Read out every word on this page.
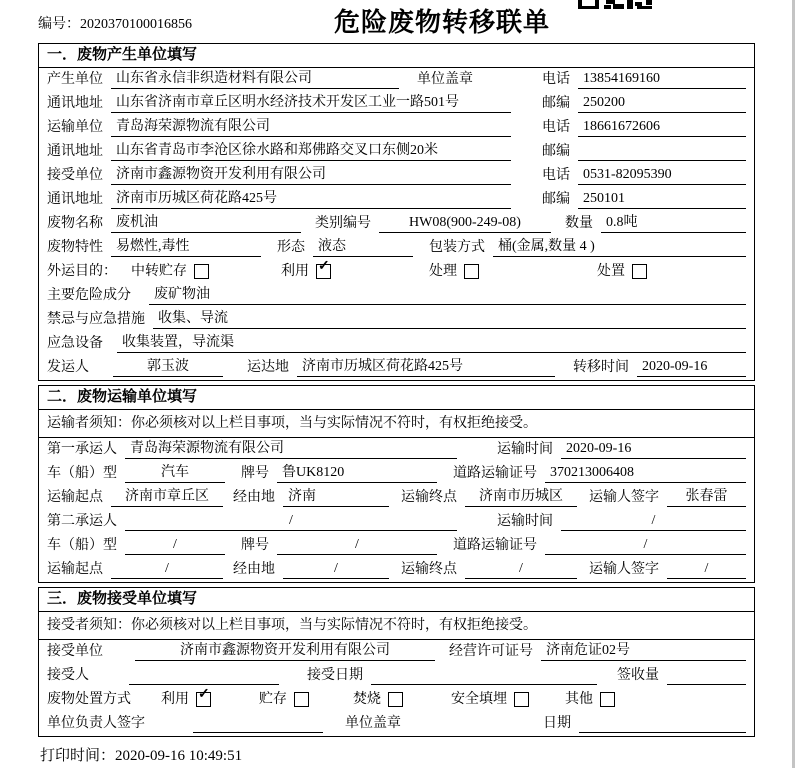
编号：2020370100016856	危险废物转移联单
一．废物产生单位填写
产生单位 山东省永信非织造材料有限公司	单位盖章	电话 13854169160
通讯地址 山东省济南市章丘区明水经济技术开发区工业一路501号	邮编 250200
运输单位 青岛海荣源物流有限公司	电话 18661672606
通讯地址 山东省青岛市李沧区徐水路和郑佛路交叉口东侧20米	邮编
接受单位 济南市鑫源物资开发利用有限公司	电话 0531-82095390
通讯地址 济南市历城区荷花路425号	邮编 250101
废物名称 废机油	类别编号	HW08(900-249-08)	数量 0.8吨
废物特性 易燃性,毒性	形态 液态	包装方式 桶(金属,数量 4 )
外运目的： 中转贮存	利用 ✓	处理	处置
主要危险成分	废矿物油
禁忌与应急措施 收集、导流
应急设备	收集装置，导流渠
发运人	郭玉波	运达地 济南市历城区荷花路425号	转移时间 2020-09-16
二．废物运输单位填写
运输者须知：你必须核对以上栏目事项，当与实际情况不符时，有权拒绝接受。
第一承运人 青岛海荣源物流有限公司	运输时间 2020-09-16
车（船）型	汽车	牌号 鲁UK8120	道路运输证号 370213006408
运输起点	济南市章丘区	经由地 济南	运输终点	济南市历城区	运输人签字	张春雷
第二承运人	/	运输时间	/
车（船）型	/	牌号	/	道路运输证号	/
运输起点	/	经由地	/	运输终点	/	运输人签字	/
三．废物接受单位填写
接受者须知：你必须核对以上栏目事项，当与实际情况不符时，有权拒绝接受。
接受单位	济南市鑫源物资开发利用有限公司	经营许可证号 济南危证02号
接受人	接受日期	签收量
废物处置方式 利用 ✓	贮存	焚烧	安全填埋	其他
单位负责人签字	单位盖章	日期
打印时间：2020-09-16 10:49:51
